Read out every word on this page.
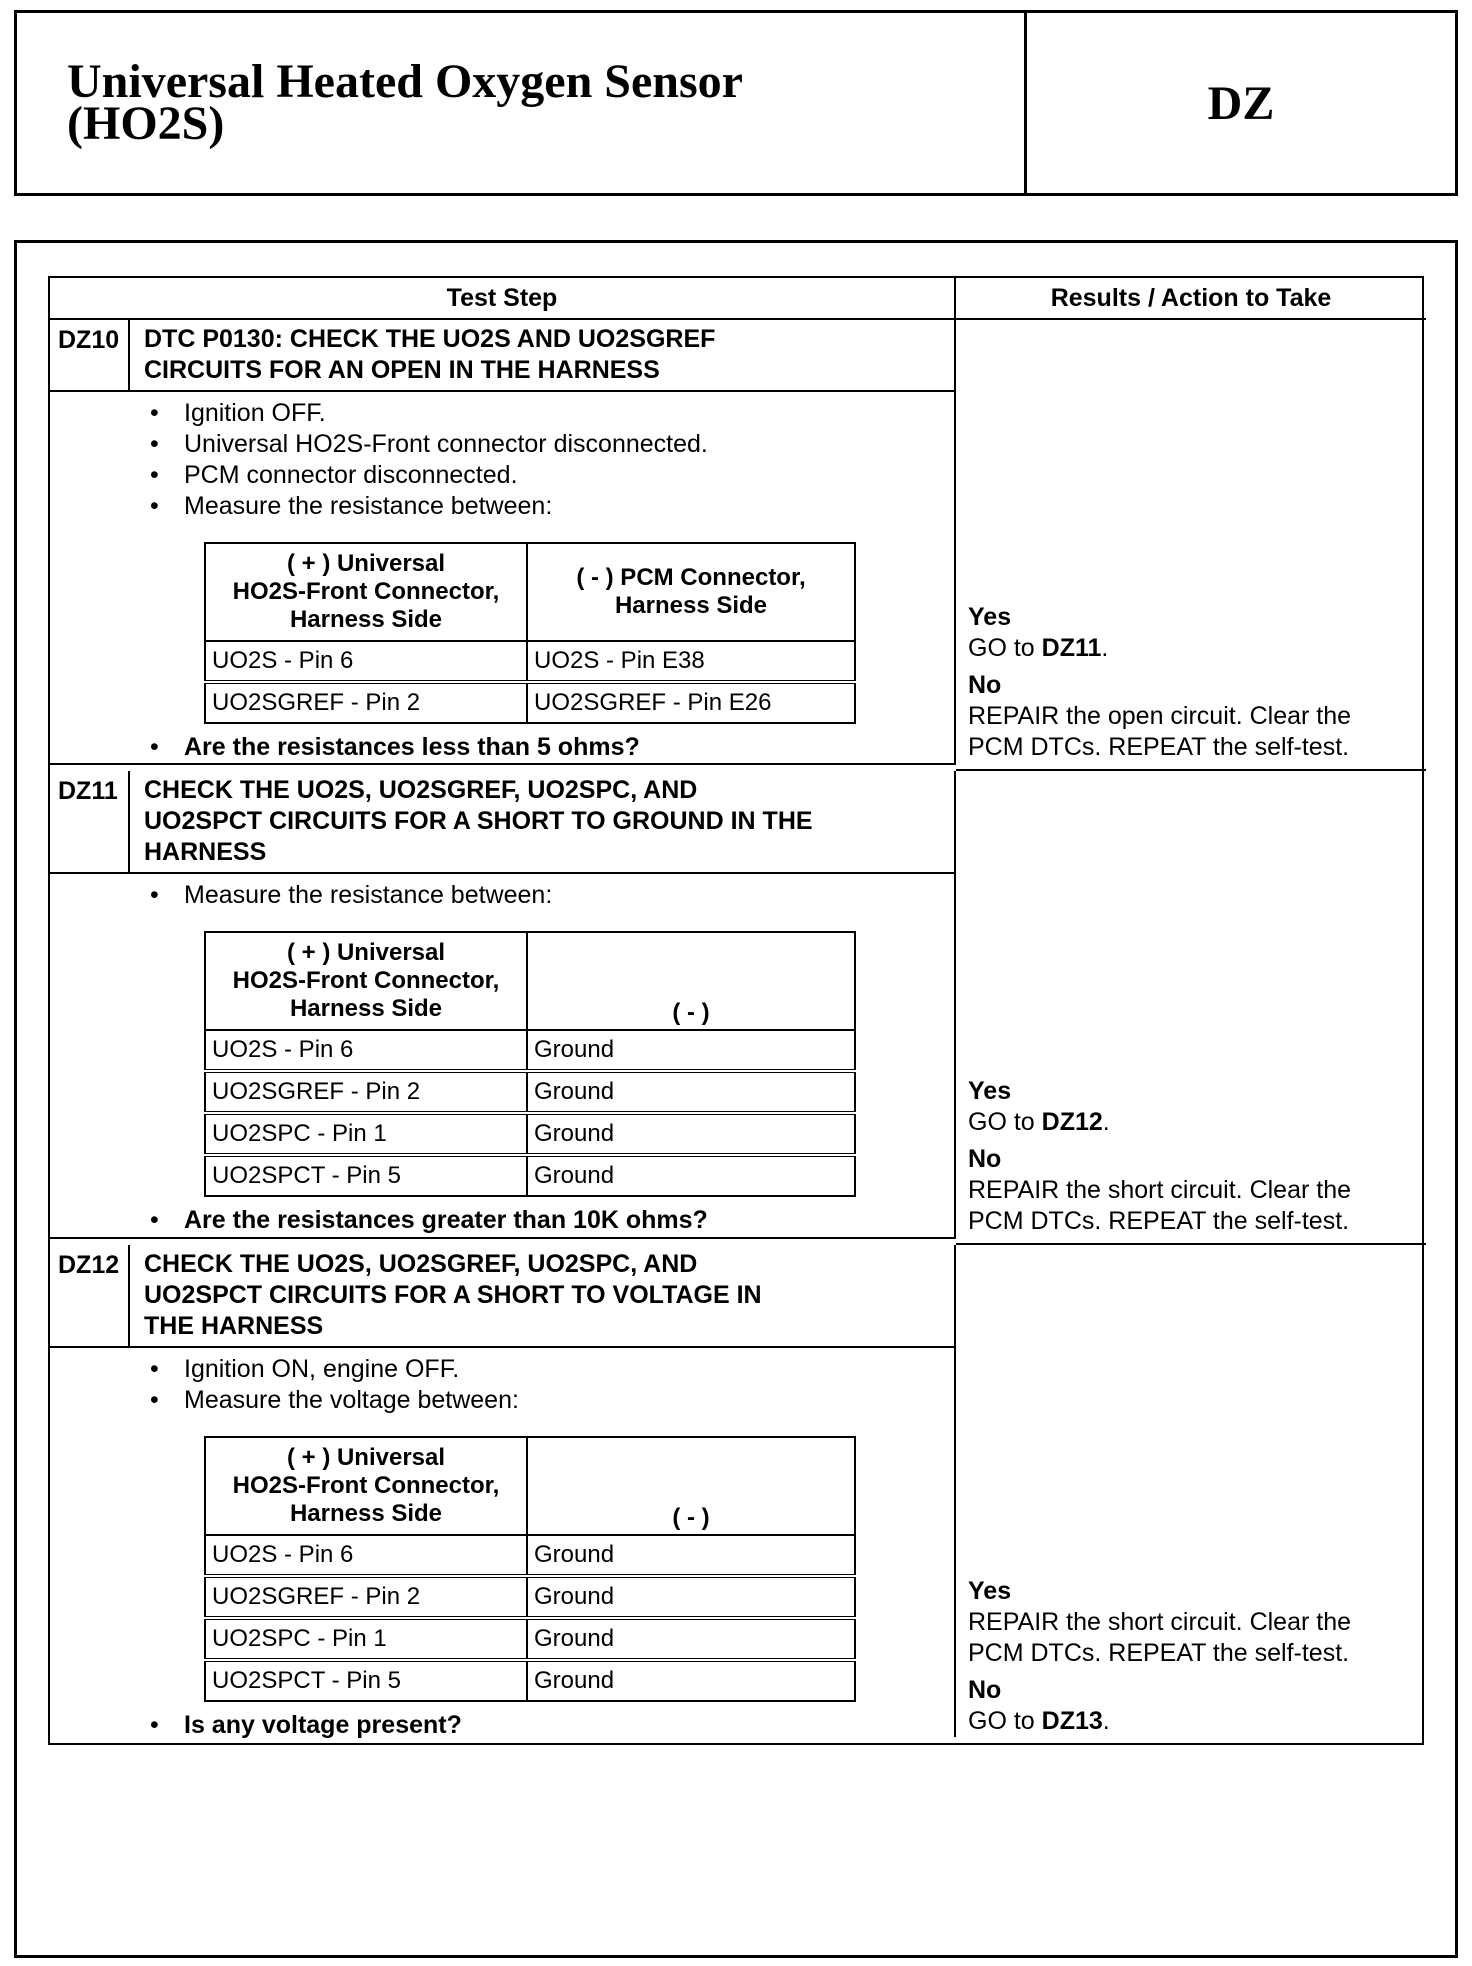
Universal Heated Oxygen Sensor
(HO2S)	DZ
Test Step	Results / Action to Take
DZ10 DTC P0130: CHECK THE UO2S AND UO2SGREF
CIRCUITS FOR AN OPEN IN THE HARNESS
• Ignition OFF.
• Universal HO2S-Front connector disconnected.
• PCM connector disconnected.
• Measure the resistance between:
( + ) Universal
HO2S-Front Connector,
Harness Side	( - ) PCM Connector,
Harness Side
UO2S - Pin 6	UO2S - Pin E38
UO2SGREF - Pin 2	UO2SGREF - Pin E26
• Are the resistances less than 5 ohms?
Yes
GO to DZ11.
No
REPAIR the open circuit. Clear the
PCM DTCs. REPEAT the self-test.
DZ11	CHECK THE UO2S, UO2SGREF, UO2SPC, AND
UO2SPCT CIRCUITS FOR A SHORT TO GROUND IN THE
HARNESS
• Measure the resistance between:
( + ) Universal
HO2S-Front Connector,
Harness Side	( - )
UO2S - Pin 6	Ground
UO2SGREF - Pin 2	Ground
UO2SPC - Pin 1	Ground
UO2SPCT - Pin 5	Ground
• Are the resistances greater than 10K ohms?
Yes
GO to DZ12.
No
REPAIR the short circuit. Clear the
PCM DTCs. REPEAT the self-test.
DZ12 CHECK THE UO2S, UO2SGREF, UO2SPC, AND
UO2SPCT CIRCUITS FOR A SHORT TO VOLTAGE IN
THE HARNESS
• Ignition ON, engine OFF.
• Measure the voltage between:
( + ) Universal
HO2S-Front Connector,
Harness Side	( - )
UO2S - Pin 6	Ground
UO2SGREF - Pin 2	Ground
UO2SPC - Pin 1	Ground
UO2SPCT - Pin 5	Ground
• Is any voltage present?
Yes
REPAIR the short circuit. Clear the
PCM DTCs. REPEAT the self-test.
No
GO to DZ13.
